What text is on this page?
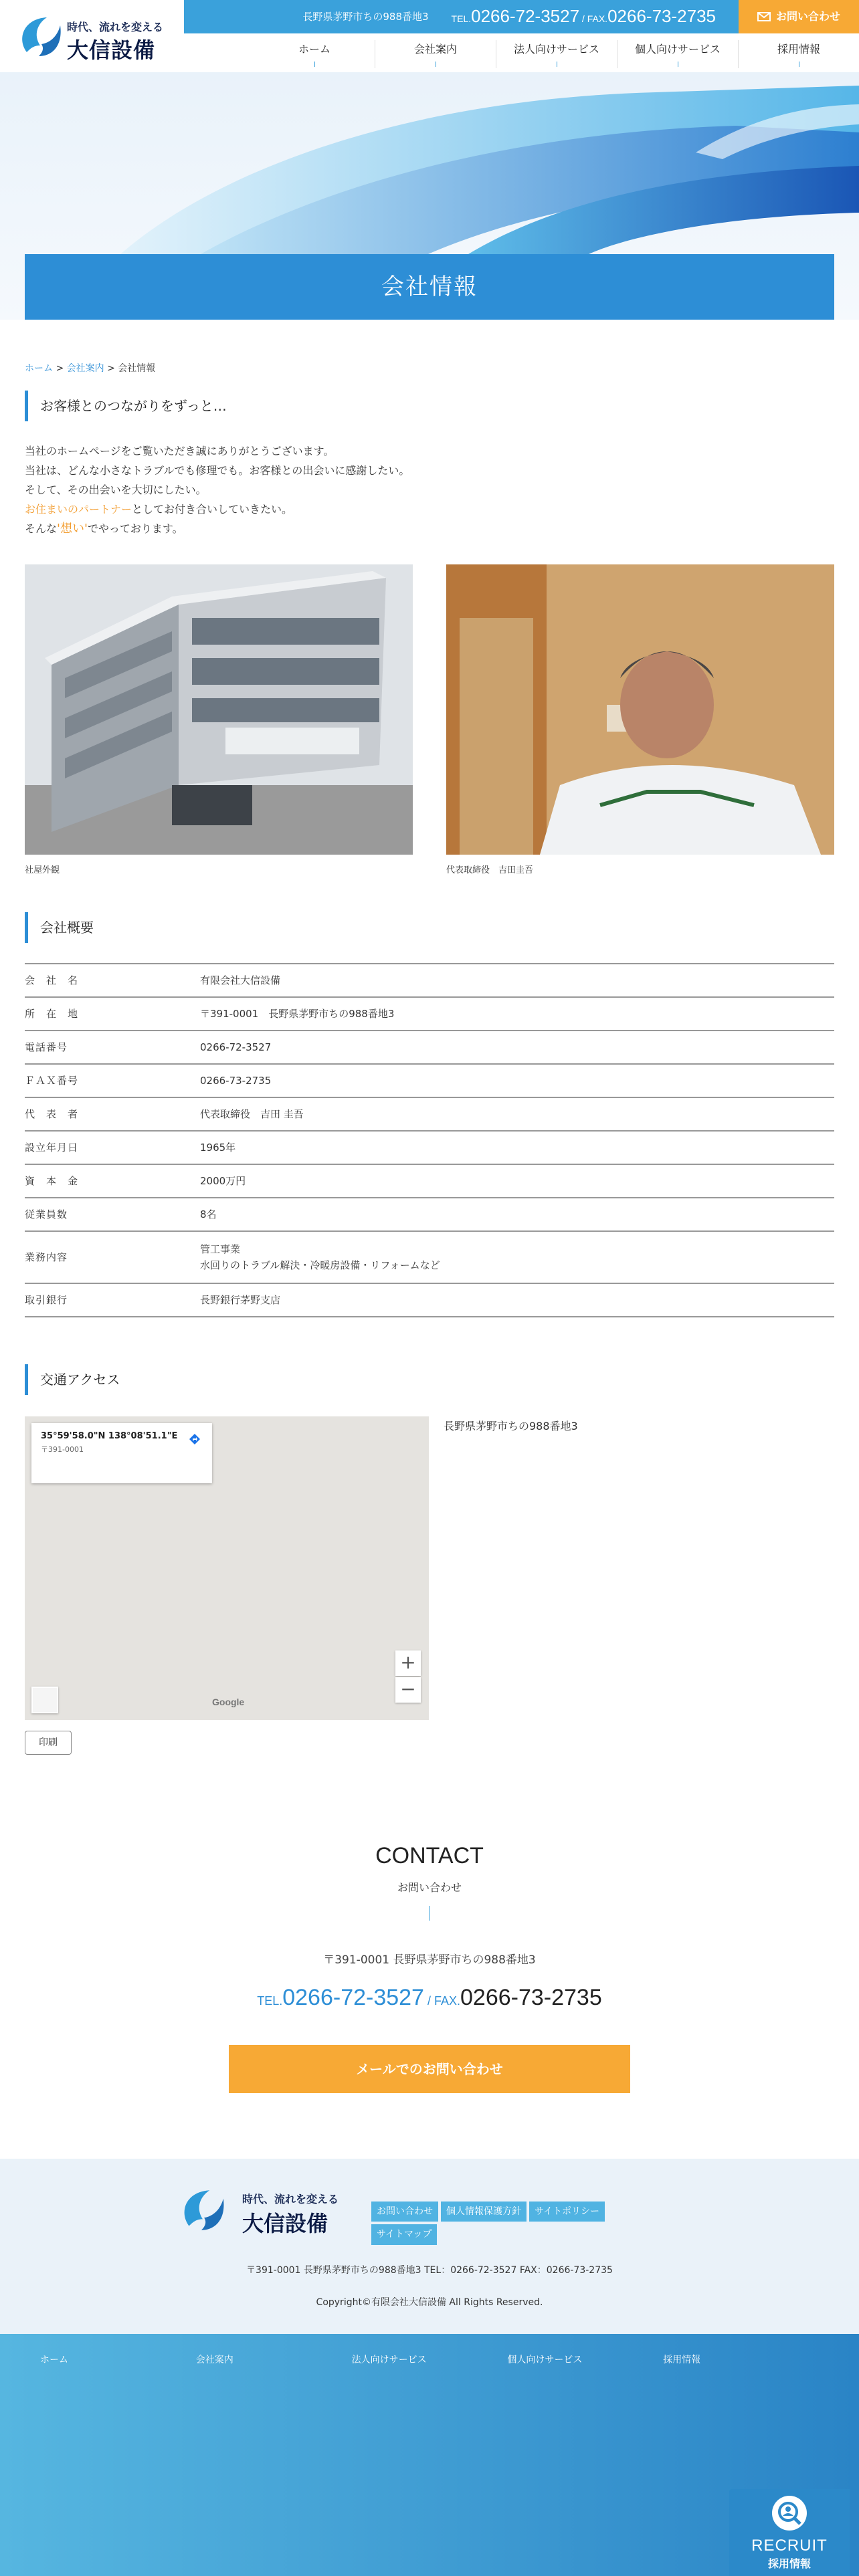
時代、流れを変える
大信設備
長野県茅野市ちの988番地3 TEL.0266-72-3527 / FAX.0266-73-2735	お問い合わせ
ホーム	会社案内	法人向けサービス	個人向けサービス	採用情報
会社情報
ホーム > 会社案内 > 会社情報
お客様とのつながりをずっと…
当社のホームページをご覧いただき誠にありがとうございます。
当社は、どんな小さなトラブルでも修理でも。お客様との出会いに感謝したい。
そして、その出会いを大切にしたい。
お住まいのパートナーとしてお付き合いしていきたい。
そんな'想い'でやっております。
社屋外観	代表取締役　吉田圭吾
会社概要
会　社　名	有限会社大信設備
所　在　地	〒391-0001　長野県茅野市ちの988番地3
電話番号	0266-72-3527
ＦＡＸ番号	0266-73-2735
代　表　者	代表取締役　吉田 圭吾
設立年月日	1965年
資　本　金	2000万円
従業員数	8名
業務内容
管工事業
水回りのトラブル解決・冷暖房設備・リフォームなど
取引銀行	長野銀行茅野支店
交通アクセス
35°59'58.0"N 138°08'51.1"E
〒391-0001
+
−
Google
長野県茅野市ちの988番地3
印刷
CONTACT
お問い合わせ
〒391-0001 長野県茅野市ちの988番地3
TEL.0266-72-3527 / FAX.0266-73-2735
メールでのお問い合わせ
時代、流れを変える
大信設備	お問い合わせ	個人情報保護方針	サイトポリシー
サイトマップ
〒391-0001 長野県茅野市ちの988番地3 TEL：0266-72-3527 FAX：0266-73-2735
Copyright©有限会社大信設備 All Rights Reserved.
ホーム	会社案内	法人向けサービス	個人向けサービス	採用情報
RECRUIT
採用情報
